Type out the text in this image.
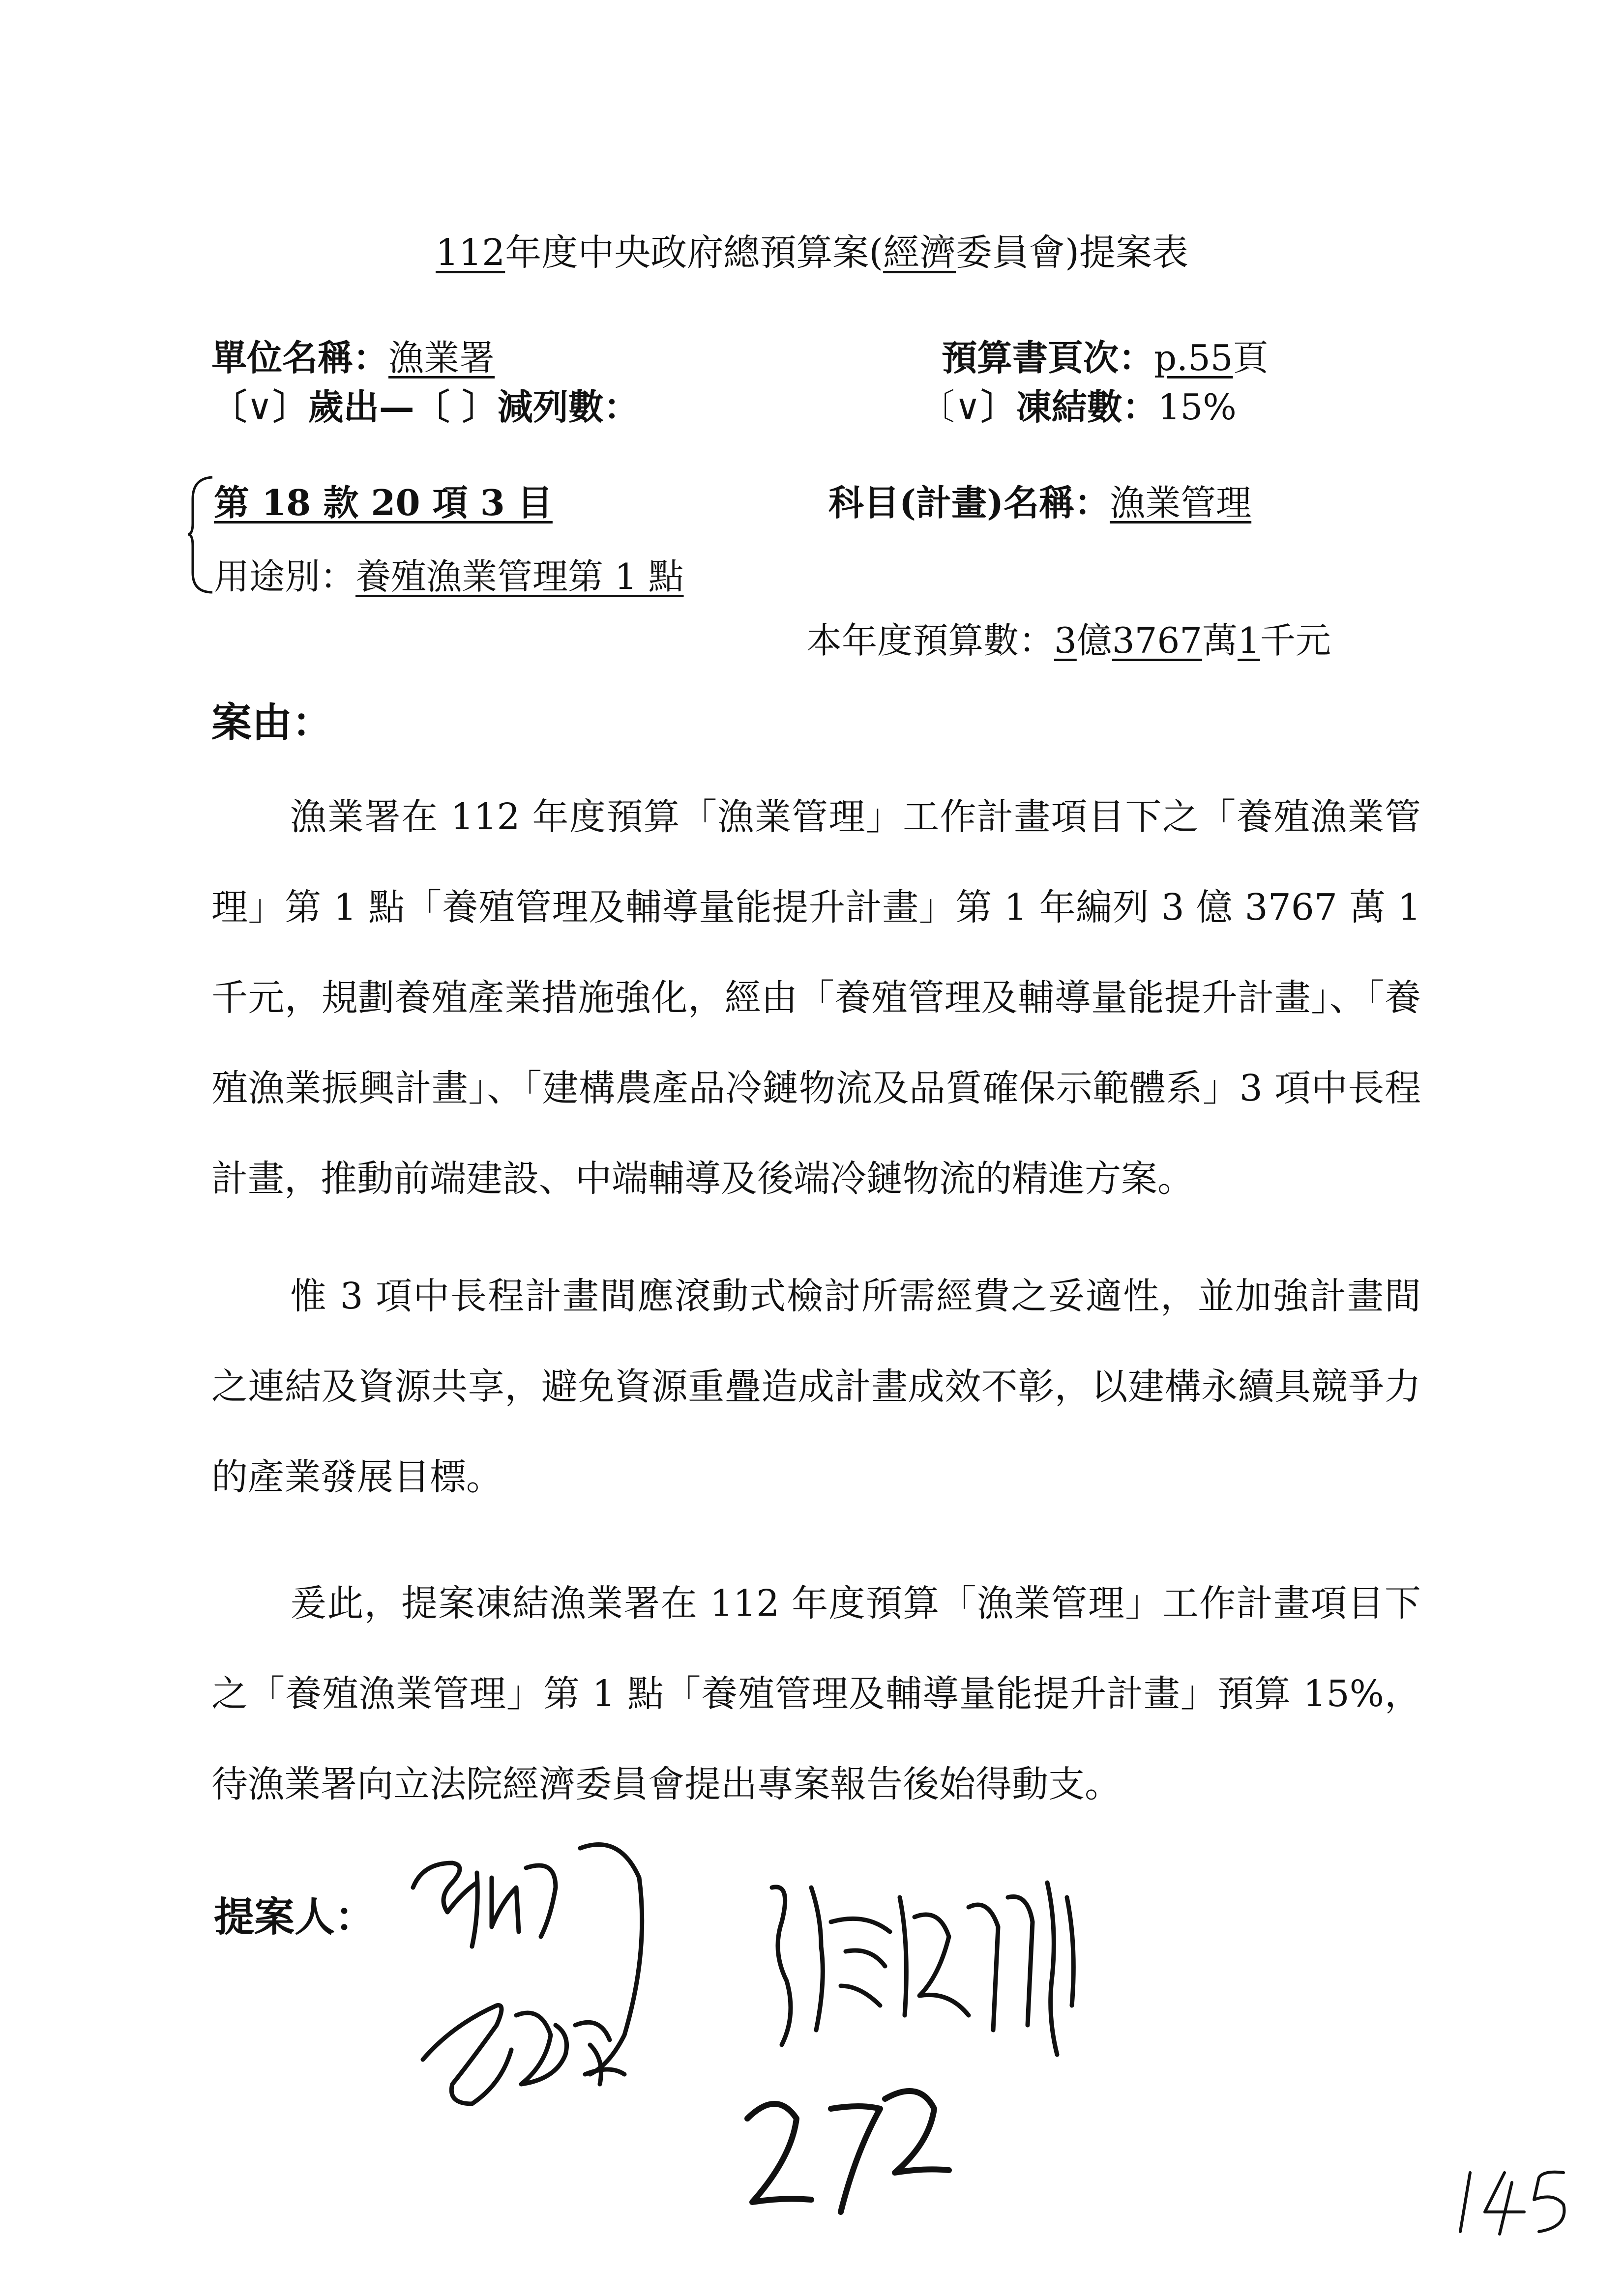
112年度中央政府總預算案(經濟委員會)提案表
單位名稱：漁業署	預算書頁次：p.55頁
〔∨〕歲出—〔 〕減列數：	〔∨〕凍結數：15%
第 18 款 20 項 3 目	科目(計畫)名稱：漁業管理
用途別：養殖漁業管理第 1 點
本年度預算數：3億3767萬1千元
案由：

漁業署在 112 年度預算「漁業管理」工作計畫項目下之「養殖漁業管理」第 1 點「養殖管理及輔導量能提升計畫」第 1 年編列 3 億 3767 萬 1 千元，規劃養殖產業措施強化，經由「養殖管理及輔導量能提升計畫」、「養殖漁業振興計畫」、「建構農產品冷鏈物流及品質確保示範體系」3 項中長程計畫，推動前端建設、中端輔導及後端冷鏈物流的精進方案。

惟 3 項中長程計畫間應滾動式檢討所需經費之妥適性，並加強計畫間之連結及資源共享，避免資源重疊造成計畫成效不彰，以建構永續具競爭力的產業發展目標。

爰此，提案凍結漁業署在 112 年度預算「漁業管理」工作計畫項目下之「養殖漁業管理」第 1 點「養殖管理及輔導量能提升計畫」預算 15%，待漁業署向立法院經濟委員會提出專案報告後始得動支。

提案人：
